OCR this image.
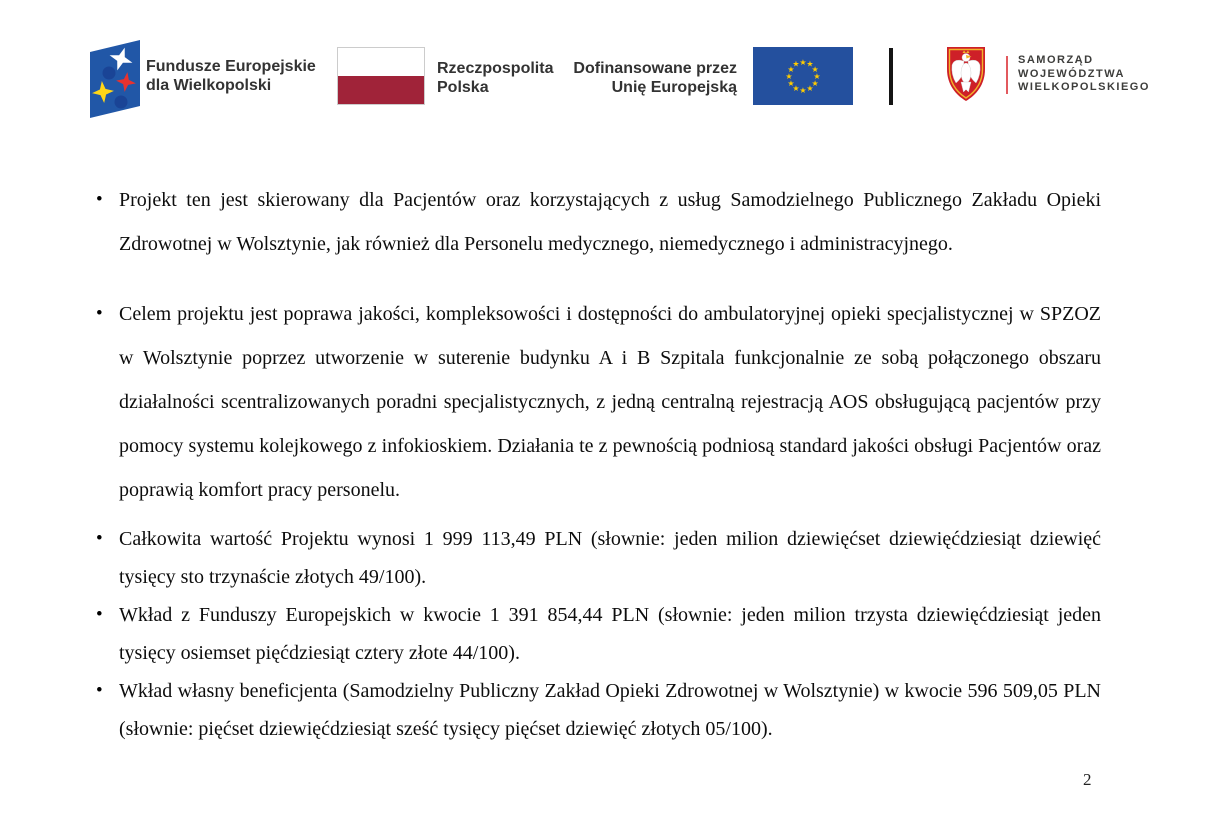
Fundusze Europejskie
dla Wielkopolski
Rzeczpospolita
Polska
Dofinansowane przez
Unię Europejską
★ ★
★
★
★
★
★
★
★
★
★
★	SAMORZĄD
WOJEWÓDZTWA
WIELKOPOLSKIEGO
• Projekt ten jest skierowany dla Pacjentów oraz korzystających z usług Samodzielnego Publicznego Zakładu Opieki Zdrowotnej w Wolsztynie, jak również dla Personelu medycznego, niemedycznego i administracyjnego.
• Celem projektu jest poprawa jakości, kompleksowości i dostępności do ambulatoryjnej opieki specjalistycznej w SPZOZ w Wolsztynie poprzez utworzenie w suterenie budynku A i B Szpitala funkcjonalnie ze sobą połączonego obszaru działalności scentralizowanych poradni specjalistycznych, z jedną centralną rejestracją AOS obsługującą pacjentów przy pomocy systemu kolejkowego z infokioskiem. Działania te z pewnością podniosą standard jakości obsługi Pacjentów oraz poprawią komfort pracy personelu.
• Całkowita wartość Projektu wynosi 1 999 113,49 PLN (słownie: jeden milion dziewięćset dziewięćdziesiąt dziewięć tysięcy sto trzynaście złotych 49/100).
• Wkład z Funduszy Europejskich w kwocie 1 391 854,44 PLN (słownie: jeden milion trzysta dziewięćdziesiąt jeden tysięcy osiemset pięćdziesiąt cztery złote 44/100).
• Wkład własny beneficjenta (Samodzielny Publiczny Zakład Opieki Zdrowotnej w Wolsztynie) w kwocie 596 509,05 PLN (słownie: pięćset dziewięćdziesiąt sześć tysięcy pięćset dziewięć złotych 05/100).
2
